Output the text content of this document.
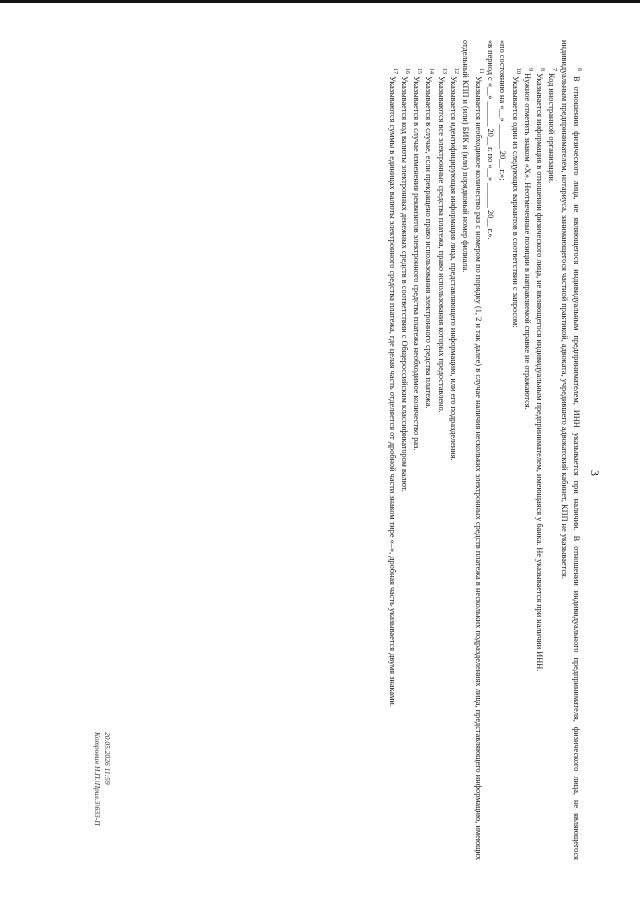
3

$^6$ В отношении физического лица, не являющегося индивидуальным предпринимателем, ИНН указывается при наличии. В отношении индивидуального предпринимателя, физического лица, не являющегося индивидуальным предпринимателем, нотариуса, занимающегося частной практикой, адвоката, учредившего адвокатский кабинет, КПП не указывается.

$^7$ Код иностранной организации.

$^8$ Указывается информация в отношении физического лица, не являющегося индивидуальным предпринимателем, имеющаяся у банка. Не указывается при наличии ИНН.

$^9$ Нужное отметить знаком «Х». Неотмеченные позиции в направляемой справке не отражаются.

$^{10}$ Указывается один из следующих вариантов в соответствии с запросом:

«по состоянию на «__» ______ 20__ г.»;

«в период с «__» ______ 20__ г. по «__» ______ 20__ г.».

$^{11}$ Указывается необходимое количество раз с номером по порядку (1, 2 и так далее) в случае наличия нескольких электронных средств платежа в нескольких подразделениях лица, представляющего информацию, имеющих отдельный КПП и (или) БИК и (или) порядковый номер филиала.

$^{12}$ Указывается идентифицирующая информация лица, представляющего информацию, или его подразделения.

$^{13}$ Указываются все электронные средства платежа, право использования которых предоставлено.

$^{14}$ Указывается в случае, если прекращено право использования электронного средства платежа.

$^{15}$ Указывается в случае изменения реквизитов электронного средства платежа необходимое количество раз.

$^{16}$ Указывается код валюты электронных денежных средств в соответствии с Общероссийским классификатором валют.

$^{17}$ Указываются суммы в единицах валюты электронного средства платежа, где целая часть отделяется от дробной части знаком тире «–», дробная часть указывается двумя знаками.

20.05.2026 11:59
Котровин Н.П.\Прил.3\633-П
